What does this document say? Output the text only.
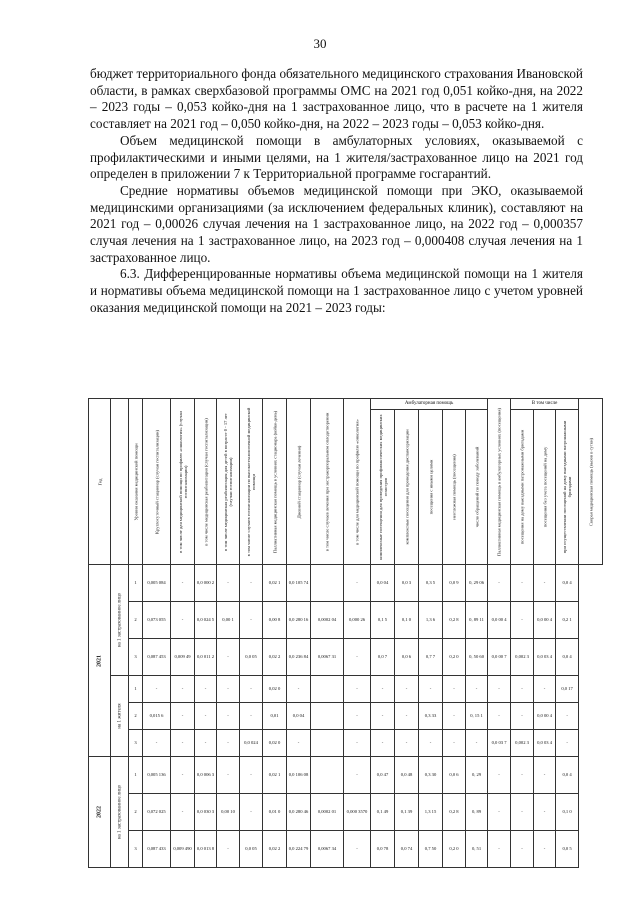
30

бюджет территориального фонда обязательного медицинского страхования Ивановской области, в рамках сверхбазовой программы ОМС на 2021 год 0,051 койко-дня, на 2022 – 2023 годы – 0,053 койко-дня на 1 застрахованное лицо, что в расчете на 1 жителя составляет на 2021 год – 0,050 койко-дня, на 2022 – 2023 годы – 0,053 койко-дня.

Объем медицинской помощи в амбулаторных условиях, оказываемой с профилактическими и иными целями, на 1 жителя/застрахованное лицо на 2021 год определен в приложении 7 к Территориальной программе госгарантий.

Средние нормативы объемов медицинской помощи при ЭКО, оказываемой медицинскими организациями (за исключением федеральных клиник), составляют на 2021 год – 0,00026 случая лечения на 1 застрахованное лицо, на 2022 год – 0,000357 случая лечения на 1 застрахованное лицо, на 2023 год – 0,000408 случая лечения на 1 застрахованное лицо.

6.3. Дифференцированные нормативы объема медицинской помощи на 1 жителя и нормативы объема медицинской помощи на 1 застрахованное лицо с учетом уровней оказания медицинской помощи на 2021 – 2023 годы:

Год		Уровни оказания медицинской помощи	Круглосуточный стационар (случаи госпитализации)	в том числе для медицинской помощи по профилю «онкология» (случаи госпитализации)	в том числе медицинская реабилитация (случаи госпитализации)	в том числе медицинская реабилитация для детей в возрасте 0 - 17 лет (случаи госпитализации)	в том числе случаев госпитализации по высокотехнологичной медицинской помощи	Паллиативная медицинская помощь в условиях стационара (койко-день)	Дневной стационар (случаи лечения)	в том числе случаев лечения при экстракорпоральном оплодотворении	в том числе для медицинской помощи по профилю «онкология»	Амбулаторная помощь					Паллиативная медицинская помощь в амбулаторных условиях (посещения)	В том числе			Скорая медицинская помощь (вызов в сутки)

												комплексные посещения для проведения профилактических медицинских осмотров	комплексные посещения для проведения диспансеризации	посещения с иными целями	неотложная помощь (посещения)	число обращений по поводу заболеваний		посещения на дому выездными патронажными бригадами	посещения без учета посещений на дому	при осуществлении посещений на дому выездными патронажными бригадами	

2021	на 1 застрахованное лицо	1	0,005 084	-	0,0 000 2	-	-	0,02 1	0,0 105 74		-	0,0 04	0,0 3	0,3 5	0,0 9	0, 29 06	-	-	-	0,0 4	
		2	0,073 055	-	0,0 024 5	0,00 1	-	0,00 8	0,0 280 16	0,0002 04	0,000 26	0,1 5	0,1 0	1,3 6	0,2 8	0, 89 11	0,0 00 4	-	0,0 00 4	0,2 1	
		3	0,087 453	0,009 49	0,0 011 2	-	0,0 05	0,02 2	0,0 236 84	0,0067 31	-	0,0 7	0,0 6	0,7 7	0,2 0	0, 50 60	0,0 00 7	0,002 3	0,0 03 4	0,0 4	

	на 1 жителя	1	-	-	-	-	-	0,02 0	-		-	-	-	-	-	-	-	-	-	0,0 17	
		2	0,015 6	-	-	-	-	0,01	0,0 04		-	-	-	0,3 33	-	0, 15 1	-	-	0,0 00 4	-	
		3	-	-	-	-	0,0 024	0,02 0	-		-	-	-	-	-	-	0,0 03 7	0,002 3	0,0 03 4	-	

2022	на 1 застрахованное лицо	1	0,005 136	-	0,0 006 3	-	-	0,02 1	0,0 106 08		-	0,0 47	0,0 48	0,3 30	0,0 6	0, 29	-	-	-	0,0 4	
		2	0,072 025	-	0,0 030 3	0,00 10	-	0,01 0	0,0 280 46	0,0002 01	0,000 3570	0,1 49	0,1 39	1,3 15	0,2 8	0, 89	-	-	-	0,1 0	
		3	0,087 433	0,009 490	0,0 013 8	-	0,0 05	0,02 2	0,0 224 79	0,0067 34	-	0,0 78	0,0 74	0,7 50	0,2 0	0, 51	-	-	-	0,0 5	
